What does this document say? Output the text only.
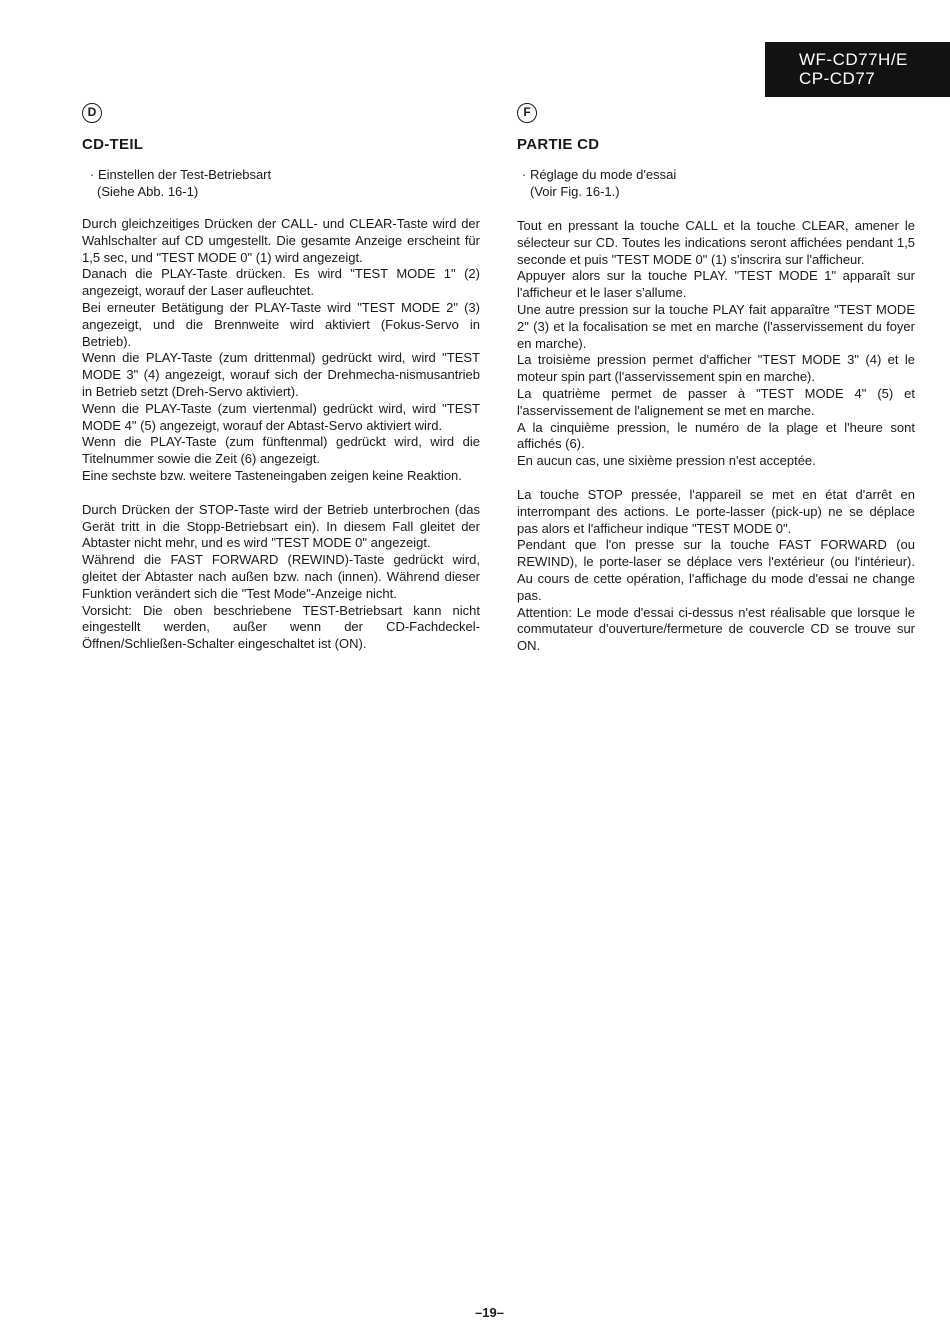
WF-CD77H/E
CP-CD77
D
CD-TEIL
· Einstellen der Test-Betriebsart
(Siehe Abb. 16-1)

Durch gleichzeitiges Drücken der CALL- und CLEAR-Taste wird der Wahlschalter auf CD umgestellt. Die gesamte Anzeige erscheint für 1,5 sec, und "TEST MODE 0" (1) wird angezeigt.

Danach die PLAY-Taste drücken. Es wird "TEST MODE 1" (2) angezeigt, worauf der Laser aufleuchtet.

Bei erneuter Betätigung der PLAY-Taste wird "TEST MODE 2" (3) angezeigt, und die Brennweite wird aktiviert (Fokus-Servo in Betrieb).

Wenn die PLAY-Taste (zum drittenmal) gedrückt wird, wird "TEST MODE 3" (4) angezeigt, worauf sich der Drehmecha-nismusantrieb in Betrieb setzt (Dreh-Servo aktiviert).

Wenn die PLAY-Taste (zum viertenmal) gedrückt wird, wird "TEST MODE 4" (5) angezeigt, worauf der Abtast-Servo aktiviert wird.

Wenn die PLAY-Taste (zum fünftenmal) gedrückt wird, wird die Titelnummer sowie die Zeit (6) angezeigt.

Eine sechste bzw. weitere Tasteneingaben zeigen keine Reaktion.

Durch Drücken der STOP-Taste wird der Betrieb unterbrochen (das Gerät tritt in die Stopp-Betriebsart ein). In diesem Fall gleitet der Abtaster nicht mehr, und es wird "TEST MODE 0" angezeigt.

Während die FAST FORWARD (REWIND)-Taste gedrückt wird, gleitet der Abtaster nach außen bzw. nach (innen). Während dieser Funktion verändert sich die "Test Mode"-Anzeige nicht.

Vorsicht: Die oben beschriebene TEST-Betriebsart kann nicht eingestellt werden, außer wenn der CD-Fachdeckel-Öffnen/Schließen-Schalter eingeschaltet ist (ON).

F
PARTIE CD
· Réglage du mode d'essai
(Voir Fig. 16-1.)

Tout en pressant la touche CALL et la touche CLEAR, amener le sélecteur sur CD. Toutes les indications seront affichées pendant 1,5 seconde et puis "TEST MODE 0" (1) s'inscrira sur l'afficheur.

Appuyer alors sur la touche PLAY. "TEST MODE 1" apparaît sur l'afficheur et le laser s'allume.

Une autre pression sur la touche PLAY fait apparaître "TEST MODE 2" (3) et la focalisation se met en marche (l'asservissement du foyer en marche).

La troisième pression permet d'afficher "TEST MODE 3" (4) et le moteur spin part (l'asservissement spin en marche).

La quatrième permet de passer à "TEST MODE 4" (5) et l'asservissement de l'alignement se met en marche.

A la cinquième pression, le numéro de la plage et l'heure sont affichés (6).

En aucun cas, une sixième pression n'est acceptée.

La touche STOP pressée, l'appareil se met en état d'arrêt en interrompant des actions. Le porte-lasser (pick-up) ne se déplace pas alors et l'afficheur indique "TEST MODE 0".

Pendant que l'on presse sur la touche FAST FORWARD (ou REWIND), le porte-laser se déplace vers l'extérieur (ou l'intérieur). Au cours de cette opération, l'affichage du mode d'essai ne change pas.

Attention: Le mode d'essai ci-dessus n'est réalisable que lorsque le commutateur d'ouverture/fermeture de couvercle CD se trouve sur ON.

–19–
